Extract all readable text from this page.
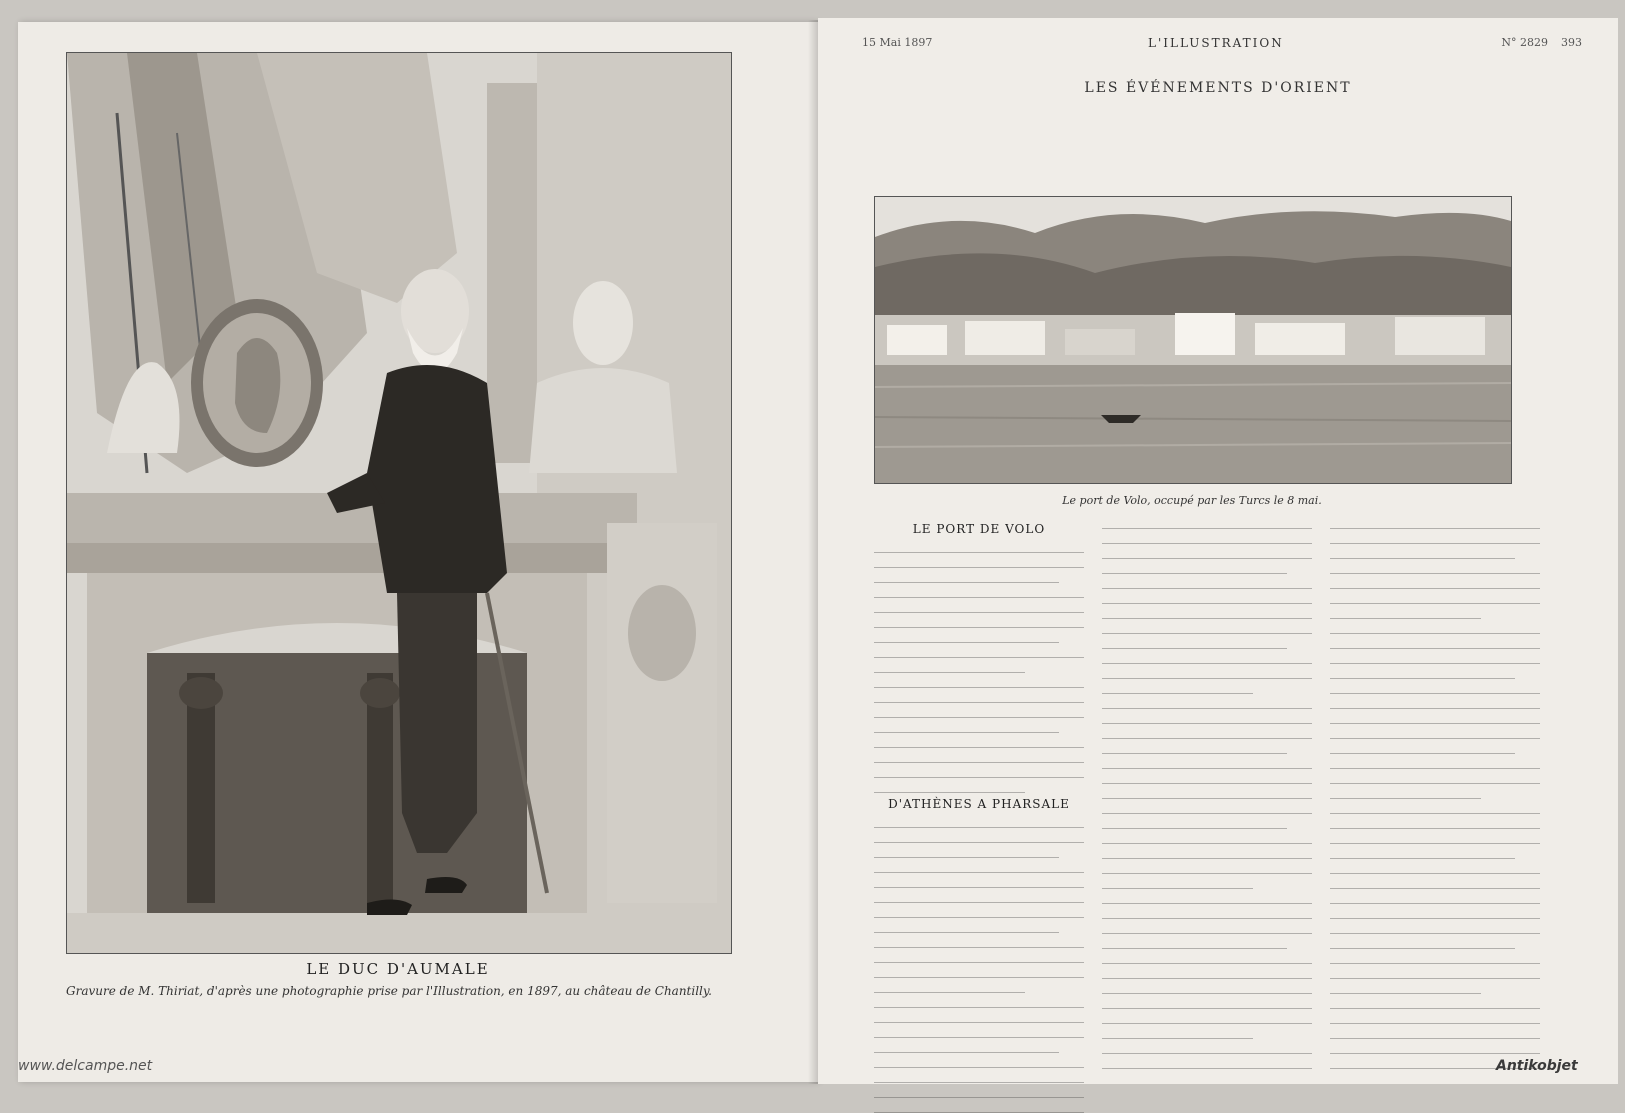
LE DUC D'AUMALE
Gravure de M. Thiriat, d'après une photographie prise par l'Illustration, en 1897, au château de Chantilly.
15 Mai 1897	L'ILLUSTRATION	N° 2829 393
LES ÉVÉNEMENTS D'ORIENT
Le port de Volo, occupé par les Turcs le 8 mai.
LE PORT DE VOLO
D'ATHÈNES A PHARSALE
www.delcampe.net	Antikobjet
